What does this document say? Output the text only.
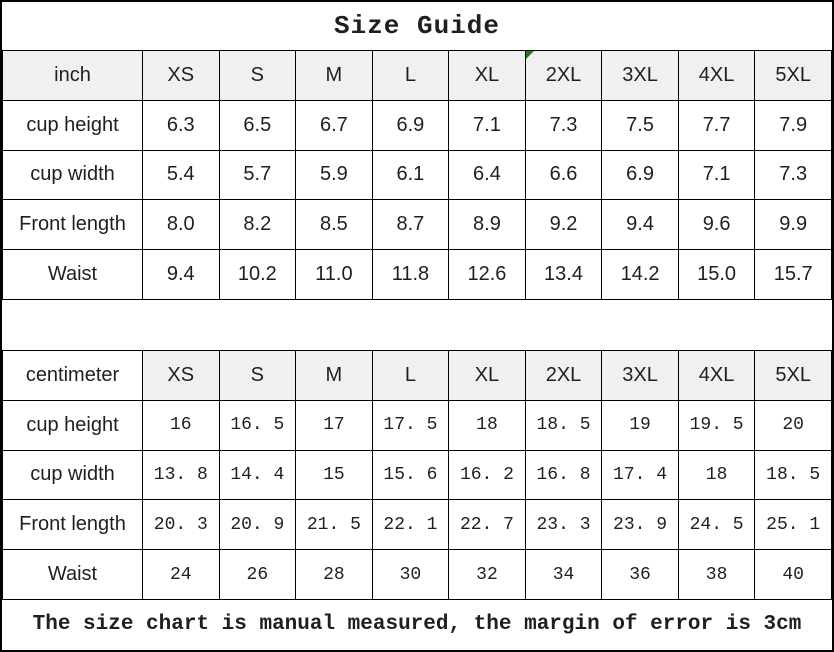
Size Guide
inch	XS	S	M	L	XL	2XL	3XL	4XL	5XL
cup height	6.3	6.5	6.7	6.9	7.1	7.3	7.5	7.7	7.9
cup width	5.4	5.7	5.9	6.1	6.4	6.6	6.9	7.1	7.3
Front length	8.0	8.2	8.5	8.7	8.9	9.2	9.4	9.6	9.9
Waist	9.4	10.2	11.0	11.8	12.6	13.4	14.2	15.0	15.7
centimeter	XS	S	M	L	XL	2XL	3XL	4XL	5XL
cup height	16	16. 5	17	17. 5	18	18. 5	19	19. 5	20
cup width	13. 8	14. 4	15	15. 6	16. 2	16. 8	17. 4	18	18. 5
Front length	20. 3	20. 9	21. 5	22. 1	22. 7	23. 3	23. 9	24. 5	25. 1
Waist	24	26	28	30	32	34	36	38	40
The size chart is manual measured, the margin of error is 3cm
